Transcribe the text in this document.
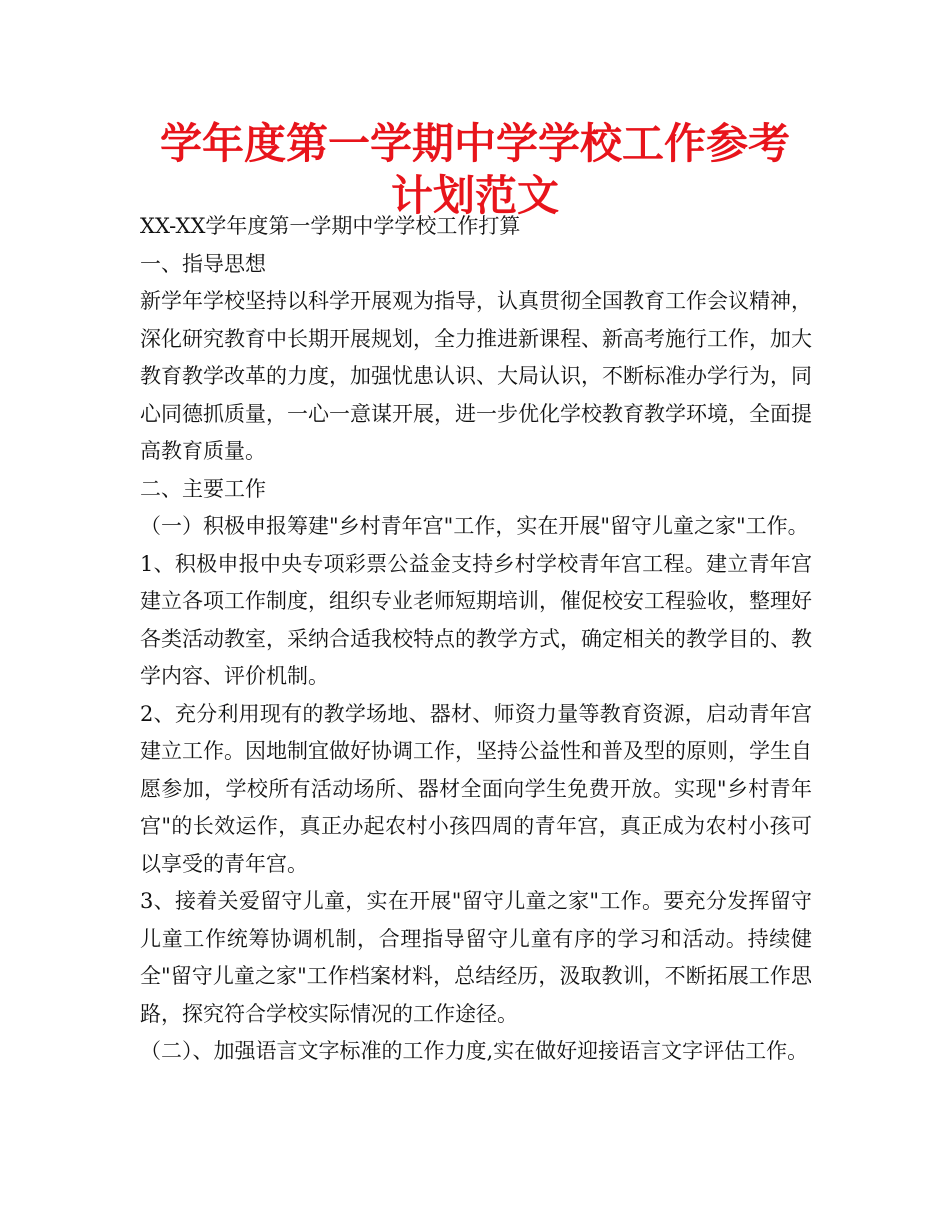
学年度第一学期中学学校工作参考计划范文

XX-XX学年度第一学期中学学校工作打算

一、指导思想

新学年学校坚持以科学开展观为指导，认真贯彻全国教育工作会议精神，深化研究教育中长期开展规划，全力推进新课程、新高考施行工作，加大教育教学改革的力度，加强忧患认识、大局认识，不断标准办学行为，同心同德抓质量，一心一意谋开展，进一步优化学校教育教学环境，全面提高教育质量。

二、主要工作

（一）积极申报筹建"乡村青年宫"工作，实在开展"留守儿童之家"工作。

1、积极申报中央专项彩票公益金支持乡村学校青年宫工程。建立青年宫建立各项工作制度，组织专业老师短期培训，催促校安工程验收，整理好各类活动教室，采纳合适我校特点的教学方式，确定相关的教学目的、教学内容、评价机制。

2、充分利用现有的教学场地、器材、师资力量等教育资源，启动青年宫建立工作。因地制宜做好协调工作，坚持公益性和普及型的原则，学生自愿参加，学校所有活动场所、器材全面向学生免费开放。实现"乡村青年宫"的长效运作，真正办起农村小孩四周的青年宫，真正成为农村小孩可以享受的青年宫。

3、接着关爱留守儿童，实在开展"留守儿童之家"工作。要充分发挥留守儿童工作统筹协调机制，合理指导留守儿童有序的学习和活动。持续健全"留守儿童之家"工作档案材料，总结经历，汲取教训，不断拓展工作思路，探究符合学校实际情况的工作途径。

（二）、加强语言文字标准的工作力度,实在做好迎接语言文字评估工作。
